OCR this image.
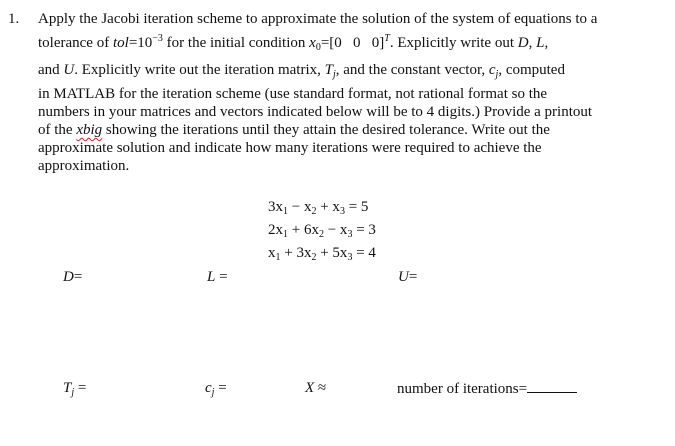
1. Apply the Jacobi iteration scheme to approximate the solution of the system of equations to a
tolerance of $tol=10^{-3}$ for the initial condition $x_0=[0$   0   0]$^T$. Explicitly write out D, L,
and U. Explicitly write out the iteration matrix, $T_j$, and the constant vector, $c_j$, computed
in MATLAB for the iteration scheme (use standard format, not rational format so the
numbers in your matrices and vectors indicated below will be to 4 digits.) Provide a printout
of the xbig showing the iterations until they attain the desired tolerance. Write out the
approximate solution and indicate how many iterations were required to achieve the
approximation.
$3x_1 - x_2 + x_3 = 5$
$2x_1 + 6x_2 - x_3 = 3$
$x_1 + 3x_2 + 5x_3 = 4$
D=	L =	U=
$T_j$ =	$c_j$ =	X ≈	number of iterations=
